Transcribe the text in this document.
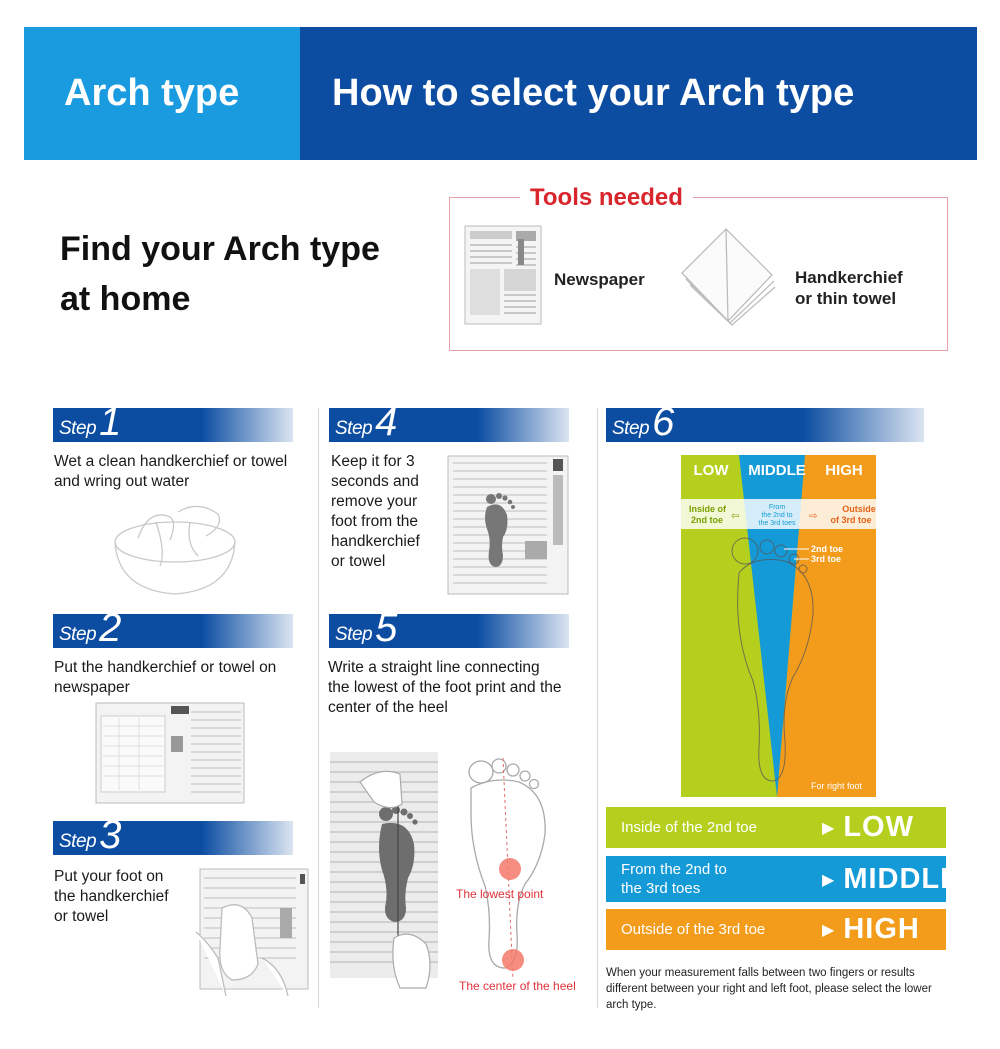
Arch type	How to select your Arch type
Find your Arch type
at home
Tools needed
Newspaper	Handkerchief
or thin towel
Step 1
Wet a clean handkerchief or towel
and wring out water
Step 2
Put the handkerchief or towel on
newspaper
Step 3
Put your foot on
the handkerchief
or towel
Step 4
Keep it for 3
seconds and
remove your
foot from the
handkerchief
or towel
Step 5
Write a straight line connecting
the lowest of the foot print and the
center of the heel
The lowest point
The center of the heel
Step 6
LOW MIDDLE HIGH
Inside of
2nd toe ⇦
From
the 2nd to
the 3rd toes
⇨
Outside
of 3rd toe
2nd toe
3rd toe
For right foot
Inside of the 2nd toe	▶ LOW
From the 2nd to
the 3rd toes	▶ MIDDLE
Outside of the 3rd toe	▶ HIGH
When your measurement falls between two fingers or results different between your right and left foot, please select the lower arch type.
